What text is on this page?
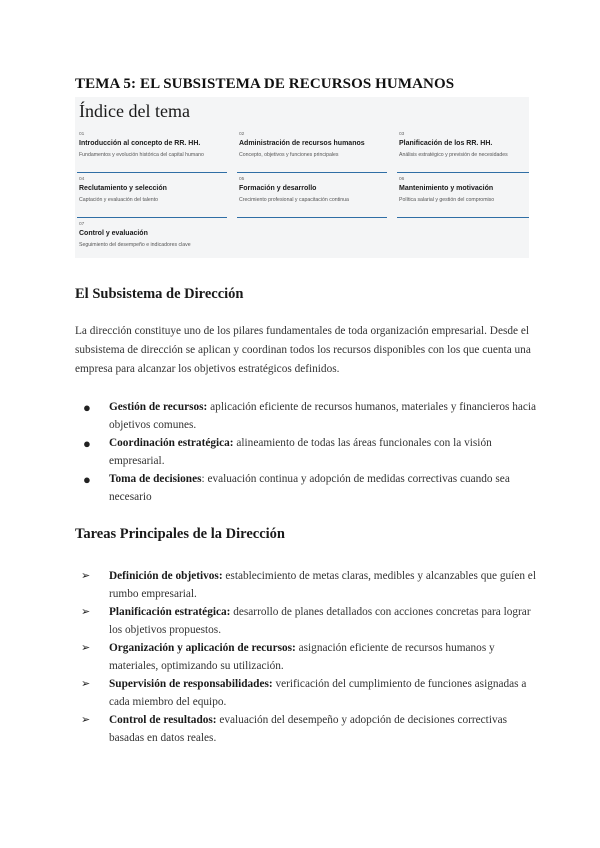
TEMA 5: EL SUBSISTEMA DE RECURSOS HUMANOS
Índice del tema
01
Introducción al concepto de RR. HH.
Fundamentos y evolución histórica del capital humano
02
Administración de recursos humanos
Concepto, objetivos y funciones principales
03
Planificación de los RR. HH.
Análisis estratégico y previsión de necesidades
04
Reclutamiento y selección
Captación y evaluación del talento
05
Formación y desarrollo
Crecimiento profesional y capacitación continua
06
Mantenimiento y motivación
Política salarial y gestión del compromiso
07
Control y evaluación
Seguimiento del desempeño e indicadores clave
El Subsistema de Dirección

La dirección constituye uno de los pilares fundamentales de toda organización empresarial. Desde el subsistema de dirección se aplican y coordinan todos los recursos disponibles con los que cuenta una empresa para alcanzar los objetivos estratégicos definidos.

● Gestión de recursos: aplicación eficiente de recursos humanos, materiales y financieros hacia objetivos comunes.
● Coordinación estratégica: alineamiento de todas las áreas funcionales con la visión empresarial.
● Toma de decisiones: evaluación continua y adopción de medidas correctivas cuando sea necesario
Tareas Principales de la Dirección
➢ Definición de objetivos: establecimiento de metas claras, medibles y alcanzables que guíen el rumbo empresarial.
➢ Planificación estratégica: desarrollo de planes detallados con acciones concretas para lograr los objetivos propuestos.
➢ Organización y aplicación de recursos: asignación eficiente de recursos humanos y materiales, optimizando su utilización.
➢ Supervisión de responsabilidades: verificación del cumplimiento de funciones asignadas a cada miembro del equipo.
➢ Control de resultados: evaluación del desempeño y adopción de decisiones correctivas basadas en datos reales.
